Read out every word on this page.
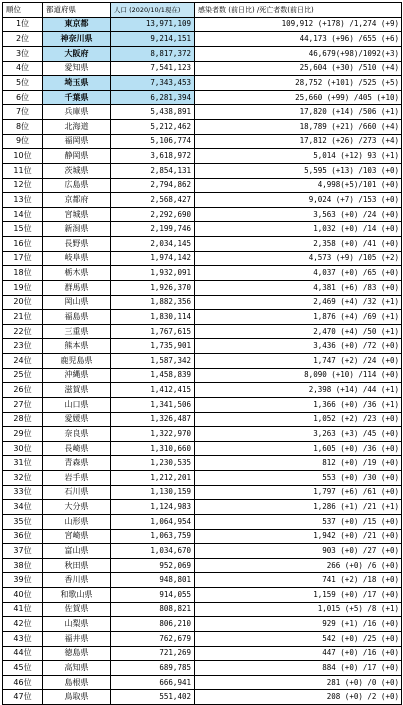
順位	都道府県	人口 (2020/10/1現在)	感染者数 (前日比) /死亡者数(前日比)
1位	東京都	13,971,109	109,912 (+178) /1,274 (+9)
2位	神奈川県	9,214,151	44,173 (+96) /655 (+6)
3位	大阪府	8,817,372	46,679(+98)/1092(+3)
4位	愛知県	7,541,123	25,604 (+30) /510 (+4)
5位	埼玉県	7,343,453	28,752 (+101) /525 (+5)
6位	千葉県	6,281,394	25,660 (+99) /405 (+10)
7位	兵庫県	5,438,891	17,820 (+14) /506 (+1)
8位	北海道	5,212,462	18,789 (+21) /660 (+4)
9位	福岡県	5,106,774	17,812 (+26) /273 (+4)
10位	静岡県	3,618,972	5,014 (+12) 93 (+1)
11位	茨城県	2,854,131	5,595 (+13) /103 (+0)
12位	広島県	2,794,862	4,998(+5)/101 (+0)
13位	京都府	2,568,427	9,024 (+7) /153 (+0)
14位	宮城県	2,292,690	3,563 (+0) /24 (+0)
15位	新潟県	2,199,746	1,032 (+0) /14 (+0)
16位	長野県	2,034,145	2,358 (+0) /41 (+0)
17位	岐阜県	1,974,142	4,573 (+9) /105 (+2)
18位	栃木県	1,932,091	4,037 (+0) /65 (+0)
19位	群馬県	1,926,370	4,381 (+6) /83 (+0)
20位	岡山県	1,882,356	2,469 (+4) /32 (+1)
21位	福島県	1,830,114	1,876 (+4) /69 (+1)
22位	三重県	1,767,615	2,470 (+4) /50 (+1)
23位	熊本県	1,735,901	3,436 (+0) /72 (+0)
24位	鹿児島県	1,587,342	1,747 (+2) /24 (+0)
25位	沖縄県	1,458,839	8,090 (+10) /114 (+0)
26位	滋賀県	1,412,415	2,398 (+14) /44 (+1)
27位	山口県	1,341,506	1,366 (+0) /36 (+1)
28位	愛媛県	1,326,487	1,052 (+2) /23 (+0)
29位	奈良県	1,322,970	3,263 (+3) /45 (+0)
30位	長崎県	1,310,660	1,605 (+0) /36 (+0)
31位	青森県	1,230,535	812 (+0) /19 (+0)
32位	岩手県	1,212,201	553 (+0) /30 (+0)
33位	石川県	1,130,159	1,797 (+6) /61 (+0)
34位	大分県	1,124,983	1,286 (+1) /21 (+1)
35位	山形県	1,064,954	537 (+0) /15 (+0)
36位	宮崎県	1,063,759	1,942 (+0) /21 (+0)
37位	富山県	1,034,670	903 (+0) /27 (+0)
38位	秋田県	952,069	266 (+0) /6 (+0)
39位	香川県	948,801	741 (+2) /18 (+0)
40位	和歌山県	914,055	1,159 (+0) /17 (+0)
41位	佐賀県	808,821	1,015 (+5) /8 (+1)
42位	山梨県	806,210	929 (+1) /16 (+0)
43位	福井県	762,679	542 (+0) /25 (+0)
44位	徳島県	721,269	447 (+0) /16 (+0)
45位	高知県	689,785	884 (+0) /17 (+0)
46位	島根県	666,941	281 (+0) /0 (+0)
47位	鳥取県	551,402	208 (+0) /2 (+0)
